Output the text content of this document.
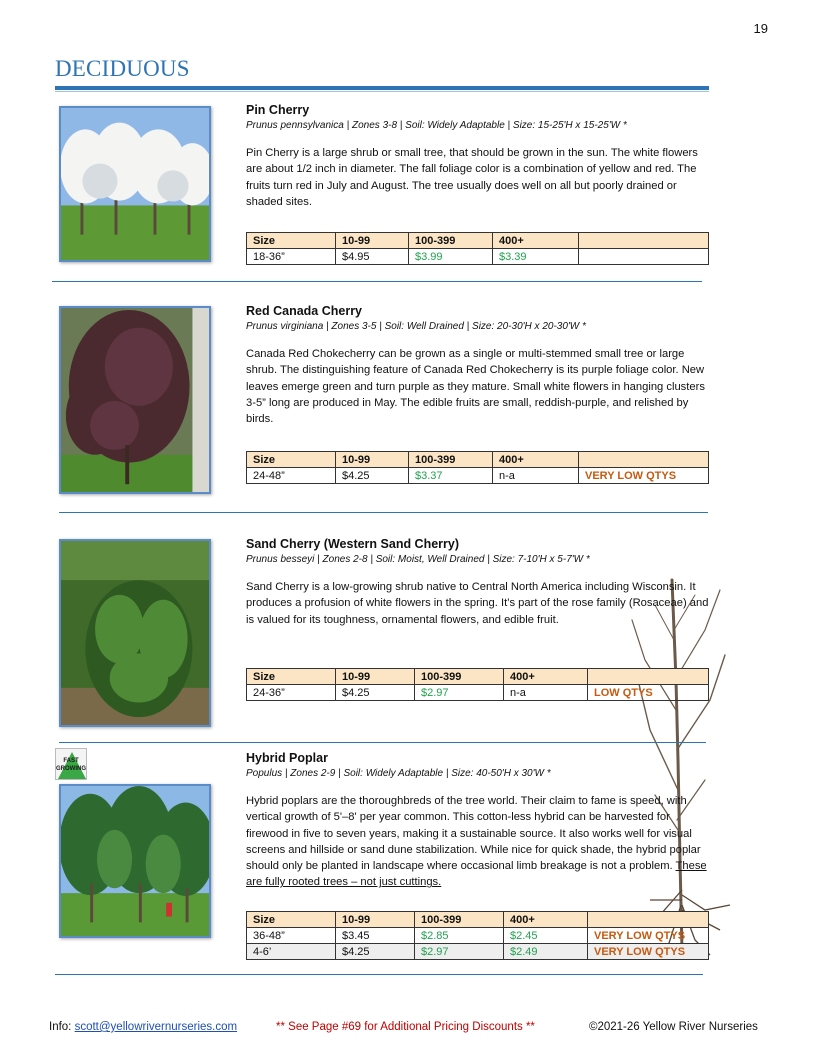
19
DECIDUOUS
Pin Cherry
Prunus pennsylvanica | Zones 3-8 | Soil: Widely Adaptable | Size: 15-25'H x 15-25'W *
Pin Cherry is a large shrub or small tree, that should be grown in the sun. The white flowers are about 1/2 inch in diameter. The fall foliage color is a combination of yellow and red. The fruits turn red in July and August. The tree usually does well on all but poorly drained or shaded sites.
Size	10-99	100-399	400+	
18-36”	$4.95	$3.99	$3.39	
Red Canada Cherry
Prunus virginiana | Zones 3-5 | Soil: Well Drained | Size: 20-30'H x 20-30'W *
Canada Red Chokecherry can be grown as a single or multi-stemmed small tree or large shrub. The distinguishing feature of Canada Red Chokecherry is its purple foliage color. New leaves emerge green and turn purple as they mature. Small white flowers in hanging clusters 3-5” long are produced in May. The edible fruits are small, reddish-purple, and relished by birds.
Size	10-99	100-399	400+	
24-48”	$4.25	$3.37	n-a	VERY LOW QTYS
Sand Cherry (Western Sand Cherry)
Prunus besseyi | Zones 2-8 | Soil: Moist, Well Drained | Size: 7-10'H x 5-7'W *
Sand Cherry is a low-growing shrub native to Central North America including Wisconsin. It produces a profusion of white flowers in the spring. It’s part of the rose family (Rosaceae) and is valued for its toughness, ornamental flowers, and edible fruit.
Size	10-99	100-399	400+	
24-36”	$4.25	$2.97	n-a	LOW QTYS
FAST
GROWING
Hybrid Poplar
Populus | Zones 2-9 | Soil: Widely Adaptable | Size: 40-50'H x 30'W *
Hybrid poplars are the thoroughbreds of the tree world. Their claim to fame is speed, with vertical growth of 5'–8' per year common. This cotton-less hybrid can be harvested for firewood in five to seven years, making it a sustainable source. It also works well for visual screens and hillside or sand dune stabilization. While nice for quick shade, the hybrid poplar should only be planted in landscape where occasional limb breakage is not a problem. These are fully rooted trees – not just cuttings.
Size	10-99	100-399	400+	
36-48”	$3.45	$2.85	$2.45	VERY LOW QTYS
4-6’	$4.25	$2.97	$2.49	VERY LOW QTYS
Info: scott@yellowrivernurseries.com	** See Page #69 for Additional Pricing Discounts **	©2021-26 Yellow River Nurseries
